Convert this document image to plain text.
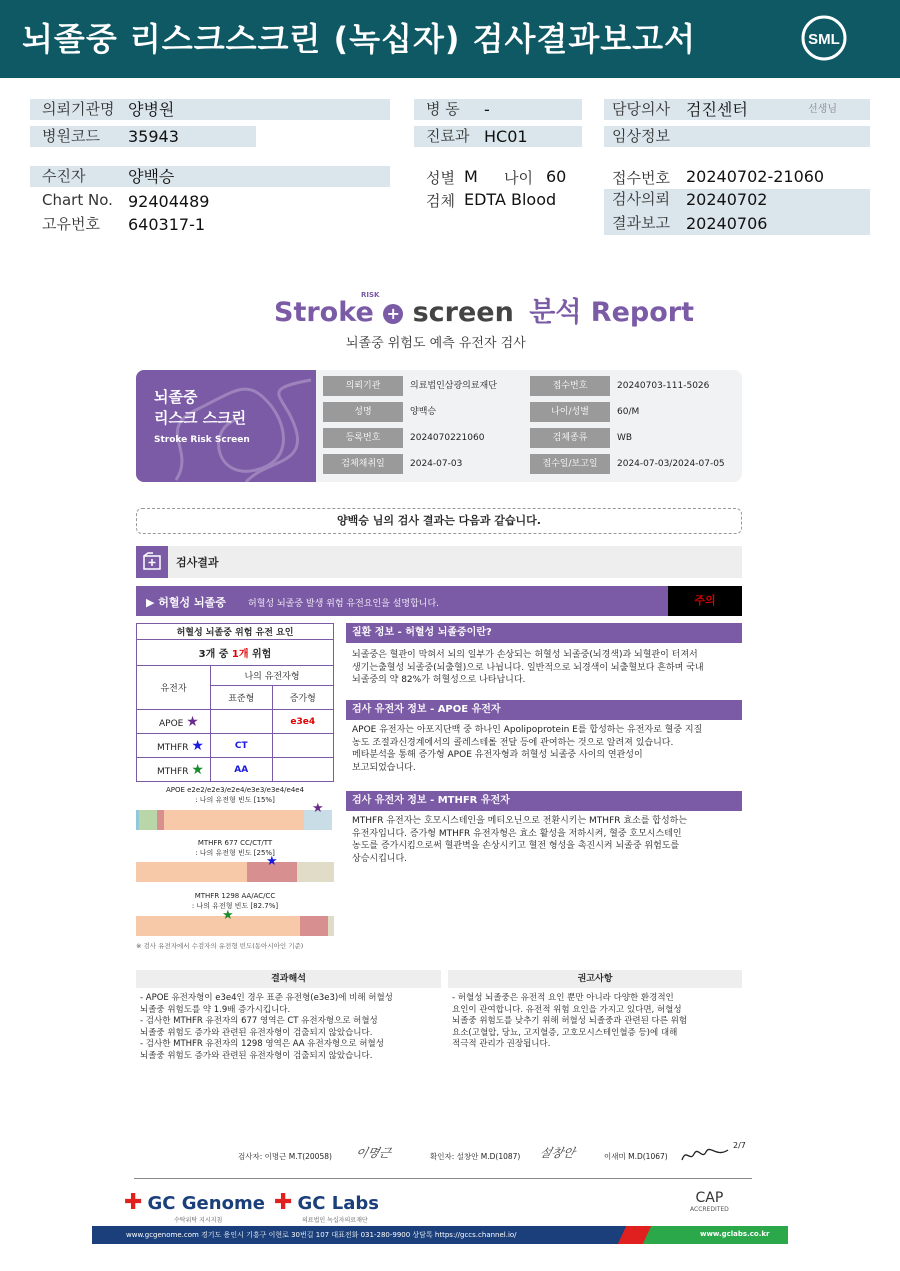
뇌졸중 리스크스크린 (녹십자) 검사결과보고서	SML
의뢰기관명 양병원
병원코드 35943
수진자	양백승
Chart No. 92404489
고유번호 640317-1
병 동 -
진료과 HC01
성별 M 나이 60
검체 EDTA Blood
담당의사 검진센터	선생님
임상정보
접수번호 20240702-21060
검사의뢰 20240702
결과보고 20240706
Stroke + screen 분석 Report
RISK
뇌졸중 위험도 예측 유전자 검사
뇌졸중
리스크 스크린
Stroke Risk Screen
의뢰기관	의료법인삼광의료재단	접수번호	20240703-111-5026
성명	양백승	나이/성별	60/M
등록번호	2024070221060	검체종류	WB
검체채취일	2024-07-03	접수일/보고일	2024-07-03/2024-07-05
양백승 님의 검사 결과는 다음과 같습니다.
검사결과
▶ 허혈성 뇌졸중 허혈성 뇌졸중 발생 위험 유전요인을 설명합니다.	주의
허혈성 뇌졸중 위험 유전 요인		
3개 중 1개 위험		
유전자	나의 유전자형	
	표준형	증가형
APOE ★		e3e4
MTHFR ★	CT	
MTHFR ★	AA	
APOE e2e2/e2e3/e2e4/e3e3/e3e4/e4e4
: 나의 유전형 빈도 [15%]
★
MTHFR 677 CC/CT/TT
: 나의 유전형 빈도 [25%]
★
MTHFR 1298 AA/AC/CC
: 나의 유전형 빈도 [82.7%]
★
※ 검사 유전자에서 수검자의 유전형 빈도(동아시아인 기준)
질환 정보 - 허혈성 뇌졸중이란?
뇌졸중은 혈관이 막혀서 뇌의 일부가 손상되는 허혈성 뇌졸중(뇌경색)과 뇌혈관이 터져서
생기는출혈성 뇌졸중(뇌출혈)으로 나뉩니다. 일반적으로 뇌경색이 뇌출혈보다 흔하며 국내
뇌졸중의 약 82%가 허혈성으로 나타납니다.
검사 유전자 정보 - APOE 유전자
APOE 유전자는 아포지단백 중 하나인 Apolipoprotein E를 합성하는 유전자로 혈중 지질
농도 조절과신경계에서의 콜레스테롤 전달 등에 관여하는 것으로 알려져 있습니다.
메타분석을 통해 증가형 APOE 유전자형과 허혈성 뇌졸중 사이의 연관성이
보고되었습니다.
검사 유전자 정보 - MTHFR 유전자
MTHFR 유전자는 호모시스테인을 메티오닌으로 전환시키는 MTHFR 효소를 합성하는
유전자입니다. 증가형 MTHFR 유전자형은 효소 활성을 저하시켜, 혈중 호모시스테인
농도를 증가시킴으로써 혈관벽을 손상시키고 혈전 형성을 촉진시켜 뇌졸중 위험도를
상승시킵니다.
결과해석
- APOE 유전자형이 e3e4인 경우 표준 유전형(e3e3)에 비해 허혈성
뇌졸중 위험도를 약 1.9배 증가시킵니다.
- 검사한 MTHFR 유전자의 677 영역은 CT 유전자형으로 허혈성
뇌졸중 위험도 증가와 관련된 유전자형이 검출되지 않았습니다.
- 검사한 MTHFR 유전자의 1298 영역은 AA 유전자형으로 허혈성
뇌졸중 위험도 증가와 관련된 유전자형이 검출되지 않았습니다.
권고사항
- 허혈성 뇌졸중은 유전적 요인 뿐만 아니라 다양한 환경적인
요인이 관여합니다. 유전적 위험 요인을 가지고 있다면, 허혈성
뇌졸중 위험도를 낮추기 위해 허혈성 뇌졸중과 관련된 다른 위험
요소(고혈압, 당뇨, 고지혈증, 고호모시스테인혈증 등)에 대해
적극적 관리가 권장됩니다.
검사자: 이명근 M.T(20058) 이명근	확인자: 설창안 M.D(1087) 설창안	이새미 M.D(1067)
2/7
✚ GC Genome
수탁위탁 지시지침
✚ GC Labs
의료법인 녹십자의료재단
CAP
ACCREDITED
www.gcgenome.com 경기도 용인시 기흥구 이현로 30번길 107 대표전화 031-280-9900 상담톡 https://gccs.channel.io/	www.gclabs.co.kr
